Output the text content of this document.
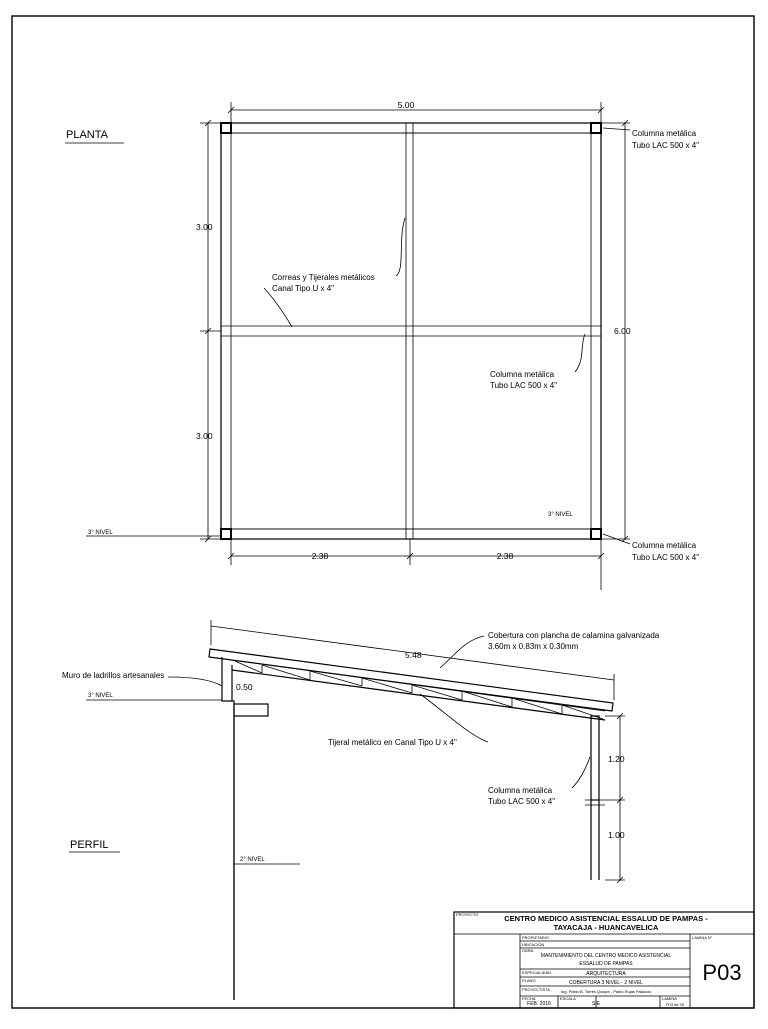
PLANTA
5.00
3.00
3.00
6.00
2.38	2.38
Columna metálica
Tubo LAC 500 x 4"
Correas y Tijerales metálicos
Canal Tipo U x 4"
Columna metálica
Tubo LAC 500 x 4"
Columna metálica
Tubo LAC 500 x 4"
3° NIVEL
3° NIVEL
5.48
1.20
1.00
0.50
Cobertura con plancha de calamina galvanizada
3.60m x 0.83m x 0.30mm
Muro de ladrillos artesanales
Tijeral metálico en Canal Tipo U x 4"
Columna metálica
Tubo LAC 500 x 4"
3° NIVEL
2° NIVEL
PERFIL
PROYECTO	CENTRO MEDICO ASISTENCIAL ESSALUD DE PAMPAS -
TAYACAJA - HUANCAVELICA
PROPIETARIO
UBICACION
OBRA
MANTENIMIENTO DEL CENTRO MEDICO ASISTENCIAL
ESSALUD DE PAMPAS
ESPECIALIDAD	ARQUITECTURA
PLANO	COBERTURA 3 NIVEL - 2 NIVEL
PROYECTISTA	Ing. Pablo B. Torres Quispe - Pablo Rojas Palacios
FECHA
FEB. 2016
ESCALA
S/E
LAMINA
P03 de 05
LAMINA N°
P03
